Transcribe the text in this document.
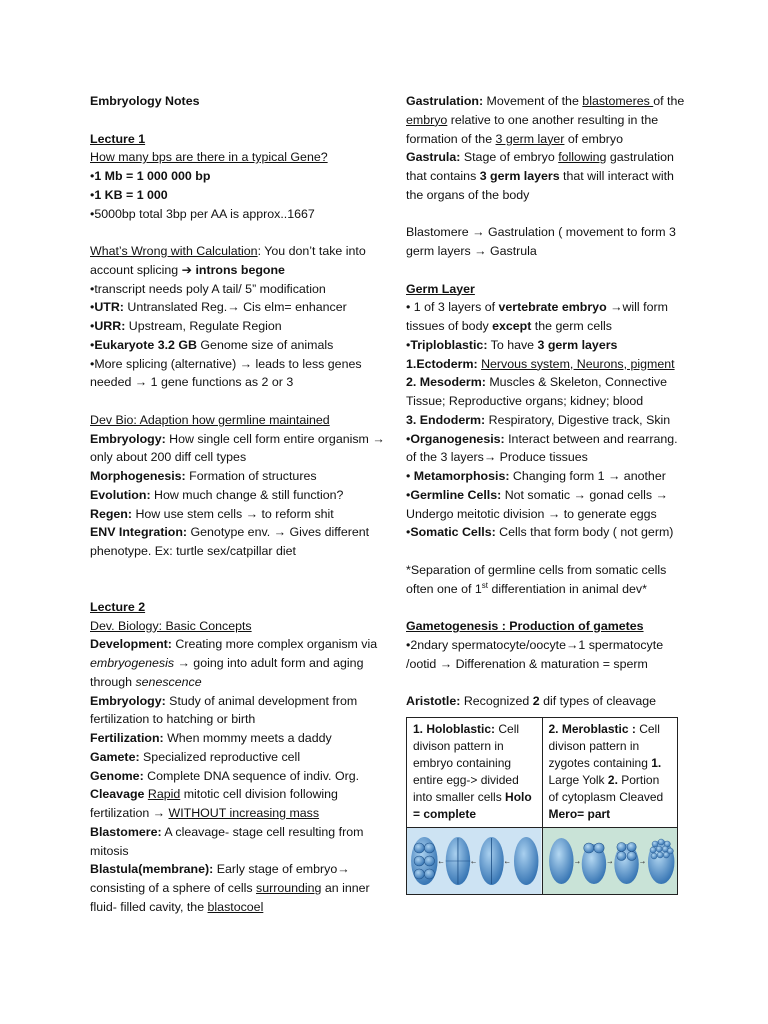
Embryology Notes
Lecture 1
How many bps are there in a typical Gene?
•1 Mb = 1 000 000 bp
•1 KB = 1 000
•5000bp total 3bp per AA is approx..1667
What’s Wrong with Calculation: You don’t take into account splicing ➔ introns begone
•transcript needs poly A tail/ 5” modification
•UTR: Untranslated Reg.→ Cis elm= enhancer
•URR: Upstream, Regulate Region
•Eukaryote 3.2 GB Genome size of animals
•More splicing (alternative) → leads to less genes needed → 1 gene functions as 2 or 3
Dev Bio: Adaption how germline maintained
Embryology: How single cell form entire organism → only about 200 diff cell types
Morphogenesis: Formation of structures
Evolution: How much change & still function?
Regen: How use stem cells → to reform shit
ENV Integration: Genotype env. → Gives different phenotype. Ex: turtle sex/catpillar diet
Lecture 2
Dev. Biology: Basic Concepts
Development: Creating more complex organism via embryogenesis → going into adult form and aging through senescence
Embryology: Study of animal development from fertilization to hatching or birth
Fertilization: When mommy meets a daddy
Gamete: Specialized reproductive cell
Genome: Complete DNA sequence of indiv. Org.
Cleavage Rapid mitotic cell division following fertilization → WITHOUT increasing mass
Blastomere: A cleavage- stage cell resulting from mitosis
Blastula(membrane): Early stage of embryo→ consisting of a sphere of cells surrounding an inner fluid- filled cavity, the blastocoel
Gastrulation: Movement of the blastomeres of the embryo relative to one another resulting in the formation of the 3 germ layer of embryo
Gastrula: Stage of embryo following gastrulation that contains 3 germ layers that will interact with the organs of the body
Blastomere → Gastrulation ( movement to form 3 germ layers → Gastrula
Germ Layer
• 1 of 3 layers of vertebrate embryo →will form tissues of body except the germ cells
•Triploblastic: To have 3 germ layers
1.Ectoderm: Nervous system, Neurons, pigment
2. Mesoderm: Muscles & Skeleton, Connective Tissue; Reproductive organs; kidney; blood
3. Endoderm: Respiratory, Digestive track, Skin
•Organogenesis: Interact between and rearrang. of the 3 layers→ Produce tissues
• Metamorphosis: Changing form 1 → another
•Germline Cells: Not somatic → gonad cells → Undergo meitotic division → to generate eggs
•Somatic Cells: Cells that form body ( not germ)
*Separation of germline cells from somatic cells often one of 1st differentiation in animal dev*
Gametogenesis : Production of gametes
•2ndary spermatocyte/oocyte→1 spermatocyte /ootid → Differenation & maturation = sperm
Aristotle: Recognized 2 dif types of cleavage
1. Holoblastic: Cell divison pattern in embryo containing entire egg-> divided into smaller cells Holo = complete	2. Meroblastic : Cell divison pattern in zygotes containing 1. Large Yolk 2. Portion of cytoplasm Cleaved Mero= part

← ← ←	→ → →
